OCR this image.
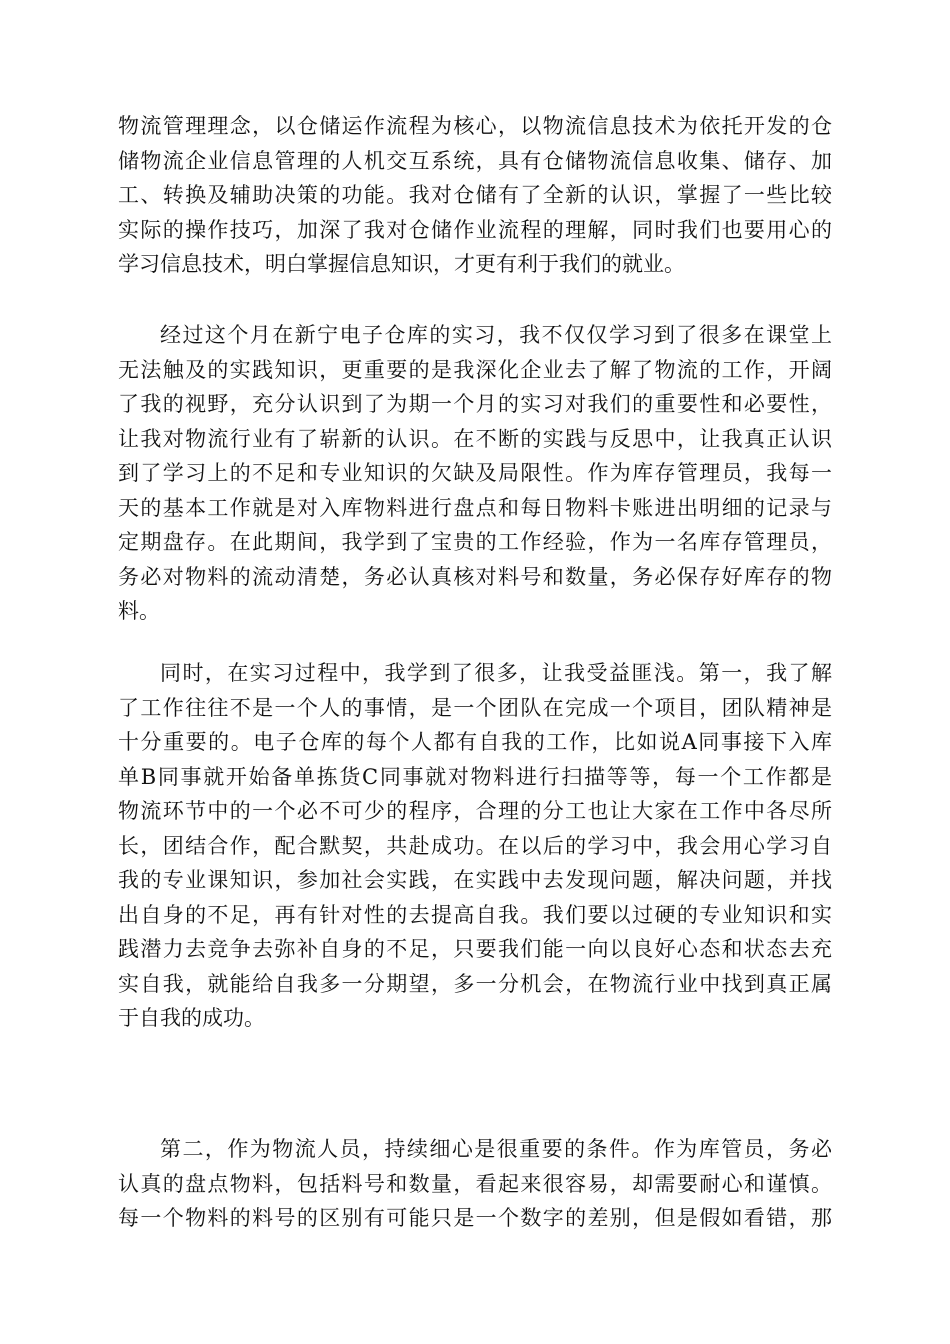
物流管理理念，以仓储运作流程为核心，以物流信息技术为依托开发的仓
储物流企业信息管理的人机交互系统，具有仓储物流信息收集、储存、加
工、转换及辅助决策的功能。我对仓储有了全新的认识，掌握了一些比较
实际的操作技巧，加深了我对仓储作业流程的理解，同时我们也要用心的
学习信息技术，明白掌握信息知识，才更有利于我们的就业。
经过这个月在新宁电子仓库的实习，我不仅仅学习到了很多在课堂上
无法触及的实践知识，更重要的是我深化企业去了解了物流的工作，开阔
了我的视野，充分认识到了为期一个月的实习对我们的重要性和必要性，
让我对物流行业有了崭新的认识。在不断的实践与反思中，让我真正认识
到了学习上的不足和专业知识的欠缺及局限性。作为库存管理员，我每一
天的基本工作就是对入库物料进行盘点和每日物料卡账进出明细的记录与
定期盘存。在此期间，我学到了宝贵的工作经验，作为一名库存管理员，
务必对物料的流动清楚，务必认真核对料号和数量，务必保存好库存的物
料。
同时，在实习过程中，我学到了很多，让我受益匪浅。第一，我了解
了工作往往不是一个人的事情，是一个团队在完成一个项目，团队精神是
十分重要的。电子仓库的每个人都有自我的工作，比如说A同事接下入库
单B同事就开始备单拣货C同事就对物料进行扫描等等，每一个工作都是
物流环节中的一个必不可少的程序，合理的分工也让大家在工作中各尽所
长，团结合作，配合默契，共赴成功。在以后的学习中，我会用心学习自
我的专业课知识，参加社会实践，在实践中去发现问题，解决问题，并找
出自身的不足，再有针对性的去提高自我。我们要以过硬的专业知识和实
践潜力去竞争去弥补自身的不足，只要我们能一向以良好心态和状态去充
实自我，就能给自我多一分期望，多一分机会，在物流行业中找到真正属
于自我的成功。
第二，作为物流人员，持续细心是很重要的条件。作为库管员，务必
认真的盘点物料，包括料号和数量，看起来很容易，却需要耐心和谨慎。
每一个物料的料号的区别有可能只是一个数字的差别，但是假如看错，那
